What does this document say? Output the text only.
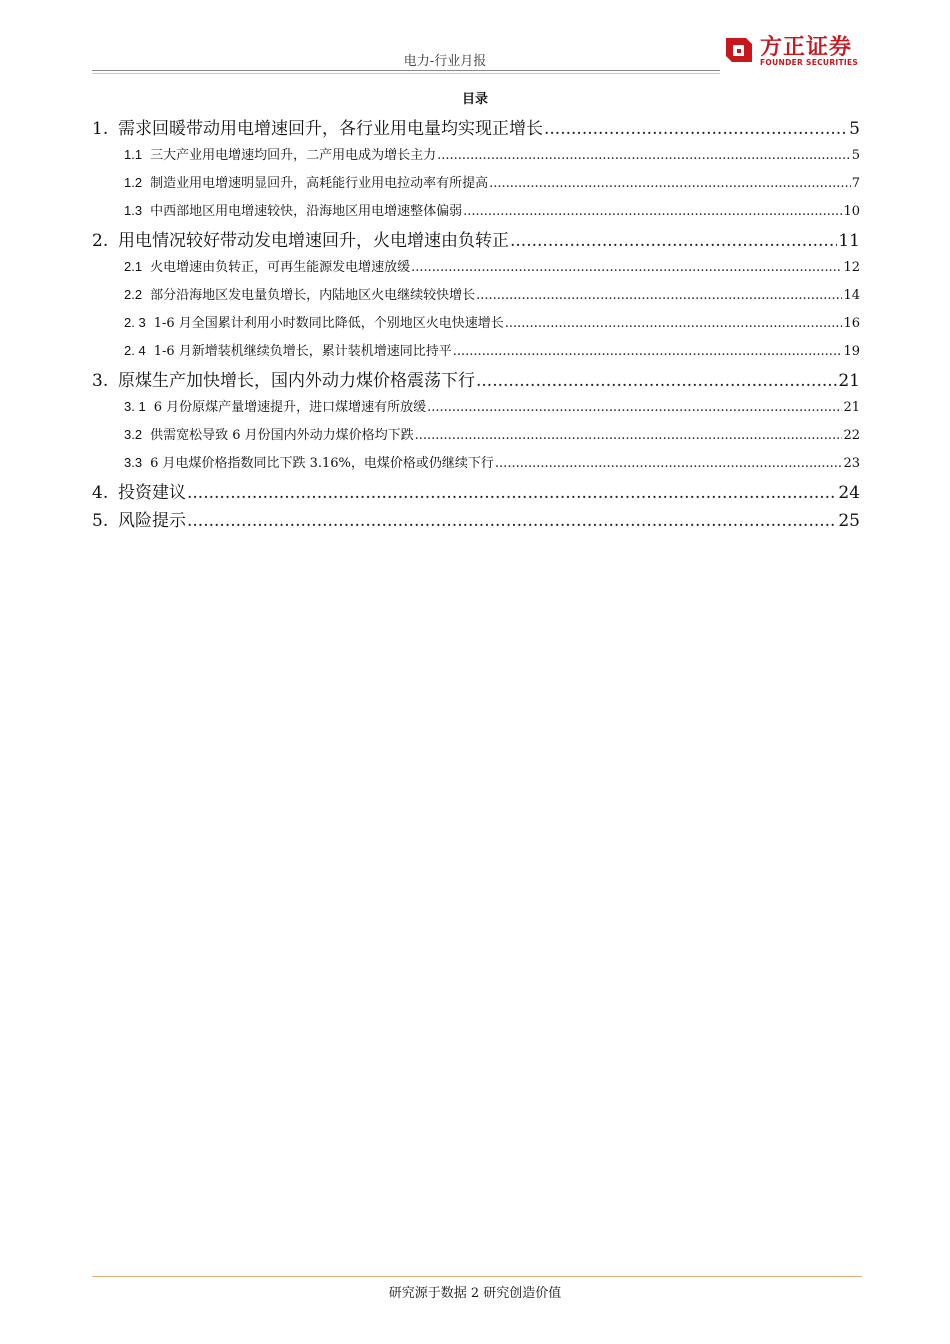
电力-行业月报
方正证券
FOUNDER SECURITIES
目录
1. 需求回暖带动用电增速回升，各行业用电量均实现正增长 .....	5
1.1 三大产业用电增速均回升，二产用电成为增长主力 .....	5
1.2 制造业用电增速明显回升，高耗能行业用电拉动率有所提高 .....	7
1.3 中西部地区用电增速较快，沿海地区用电增速整体偏弱 .....	10
2. 用电情况较好带动发电增速回升，火电增速由负转正 .....	11
2.1 火电增速由负转正，可再生能源发电增速放缓 .....	12
2.2 部分沿海地区发电量负增长，内陆地区火电继续较快增长 .....	14
2. 3 1-6 月全国累计利用小时数同比降低，个别地区火电快速增长 .....	16
2. 4 1-6 月新增装机继续负增长，累计装机增速同比持平 .....	19
3. 原煤生产加快增长，国内外动力煤价格震荡下行 .....	21
3. 1 6 月份原煤产量增速提升，进口煤增速有所放缓 .....	21
3.2 供需宽松导致 6 月份国内外动力煤价格均下跌 .....	22
3.3 6 月电煤价格指数同比下跌 3.16%，电煤价格或仍继续下行 .....	23
4. 投资建议 .....	24
5. 风险提示 .....	25
研究源于数据 2 研究创造价值
